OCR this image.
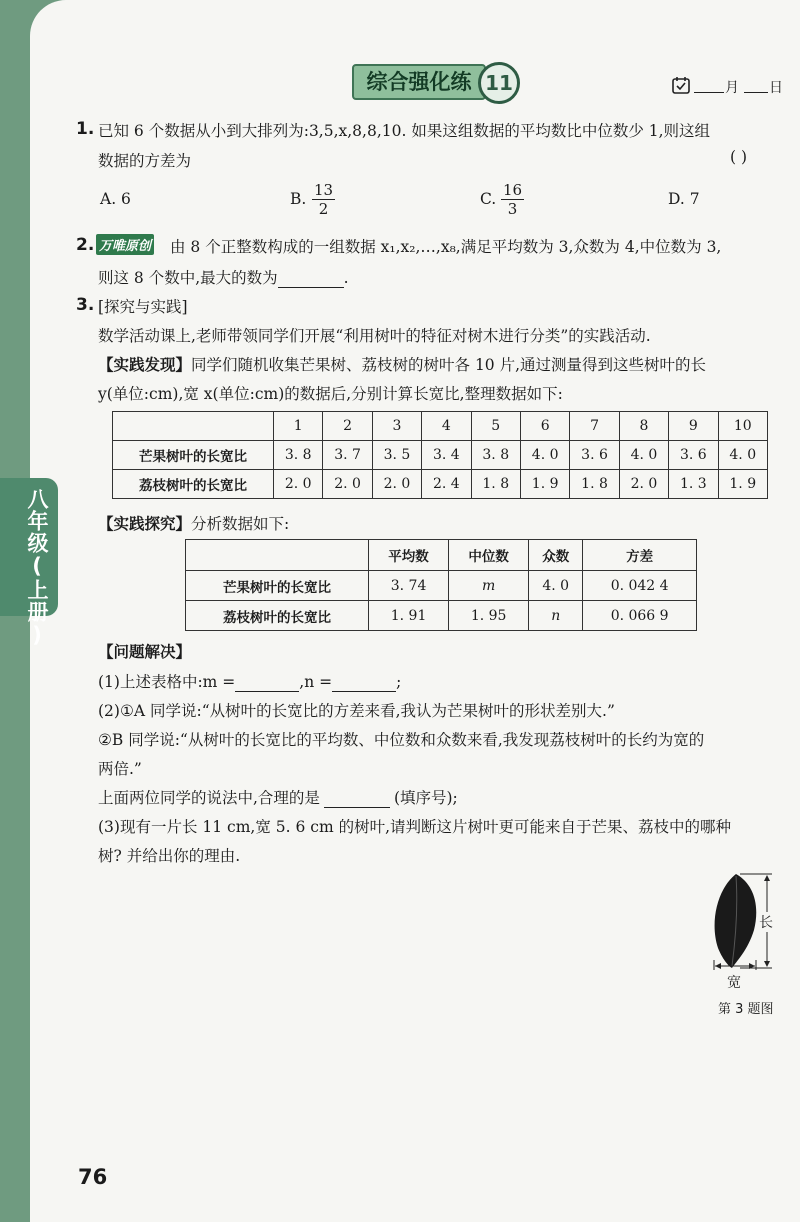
八年级(上册)
综合强化练 11	月 日
1. 已知 6 个数据从小到大排列为:3,5,x,8,8,10. 如果这组数据的平均数比中位数少 1,则这组
数据的方差为	( )
A. 6	B. $\frac{13}{2}$	C. $\frac{16}{3}$	D. 7
2. 万唯原创 由 8 个正整数构成的一组数据 x₁,x₂,…,x₈,满足平均数为 3,众数为 4,中位数为 3,
则这 8 个数中,最大的数为	.
3. [探究与实践]
数学活动课上,老师带领同学们开展“利用树叶的特征对树木进行分类”的实践活动.
【实践发现】同学们随机收集芒果树、荔枝树的树叶各 10 片,通过测量得到这些树叶的长
y(单位:cm),宽 x(单位:cm)的数据后,分别计算长宽比,整理数据如下:
	1	2	3	4	5	6	7	8	9	10
芒果树叶的长宽比	3. 8	3. 7	3. 5	3. 4	3. 8	4. 0	3. 6	4. 0	3. 6	4. 0
荔枝树叶的长宽比	2. 0	2. 0	2. 0	2. 4	1. 8	1. 9	1. 8	2. 0	1. 3	1. 9
【实践探究】分析数据如下:
	平均数	中位数	众数	方差
芒果树叶的长宽比	3. 74	m	4. 0	0. 042 4
荔枝树叶的长宽比	1. 91	1. 95	n	0. 066 9
【问题解决】
(1)上述表格中:m =	,n =	;
(2)①A 同学说:“从树叶的长宽比的方差来看,我认为芒果树叶的形状差别大.”
②B 同学说:“从树叶的长宽比的平均数、中位数和众数来看,我发现荔枝树叶的长约为宽的
两倍.”
上面两位同学的说法中,合理的是	(填序号);
(3)现有一片长 11 cm,宽 5. 6 cm 的树叶,请判断这片树叶更可能来自于芒果、荔枝中的哪种
树? 并给出你的理由.
长
宽
第 3 题图
76
